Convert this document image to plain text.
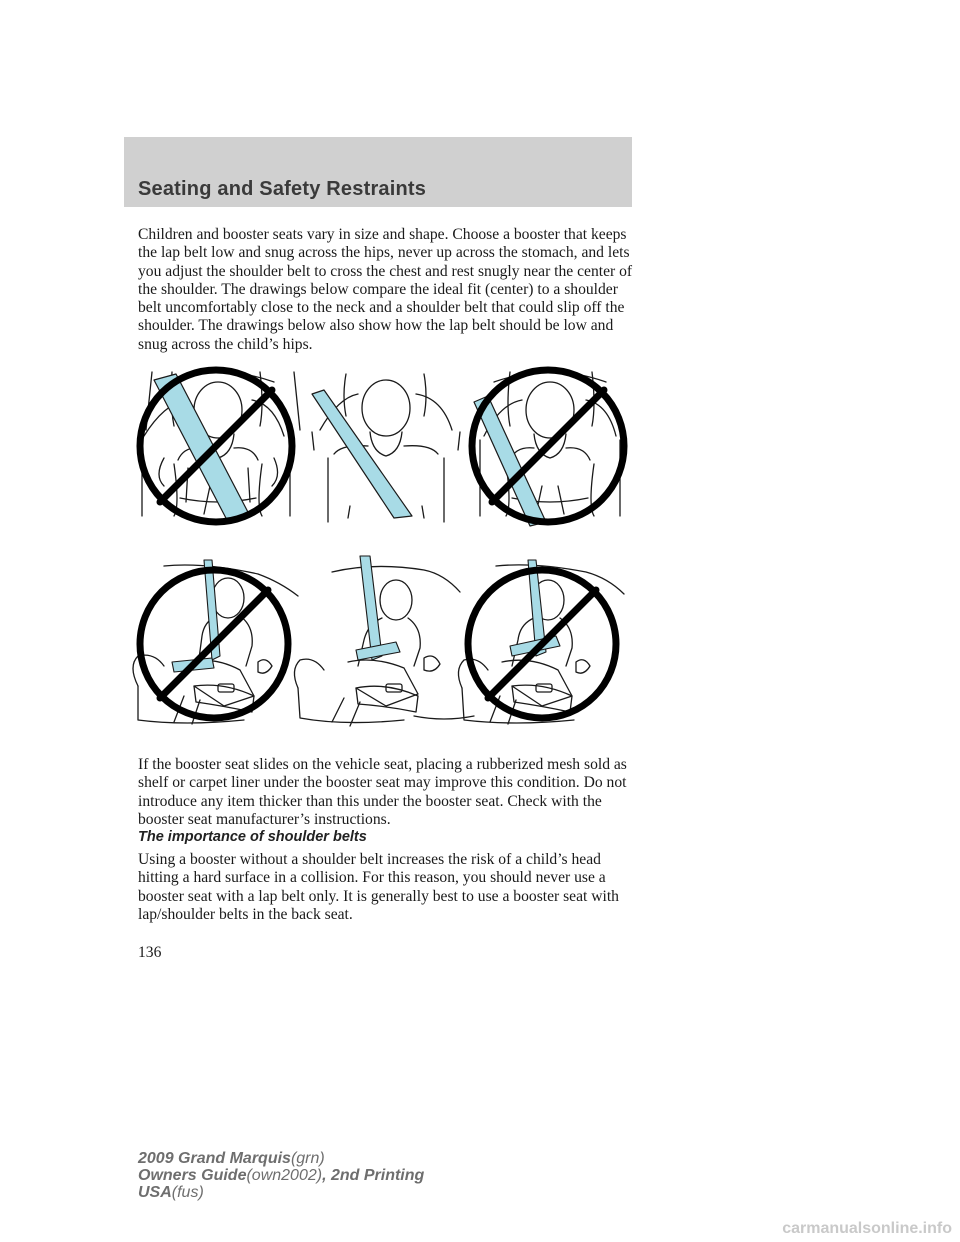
Seating and Safety Restraints

Children and booster seats vary in size and shape. Choose a booster that keeps the lap belt low and snug across the hips, never up across the stomach, and lets you adjust the shoulder belt to cross the chest and rest snugly near the center of the shoulder. The drawings below compare the ideal fit (center) to a shoulder belt uncomfortably close to the neck and a shoulder belt that could slip off the shoulder. The drawings below also show how the lap belt should be low and snug across the child’s hips.

If the booster seat slides on the vehicle seat, placing a rubberized mesh sold as shelf or carpet liner under the booster seat may improve this condition. Do not introduce any item thicker than this under the booster seat. Check with the booster seat manufacturer’s instructions.

The importance of shoulder belts

Using a booster without a shoulder belt increases the risk of a child’s head hitting a hard surface in a collision. For this reason, you should never use a booster seat with a lap belt only. It is generally best to use a booster seat with lap/shoulder belts in the back seat.

136
2009 Grand Marquis(grn)
Owners Guide(own2002), 2nd Printing
USA(fus)
carmanualsonline.info
